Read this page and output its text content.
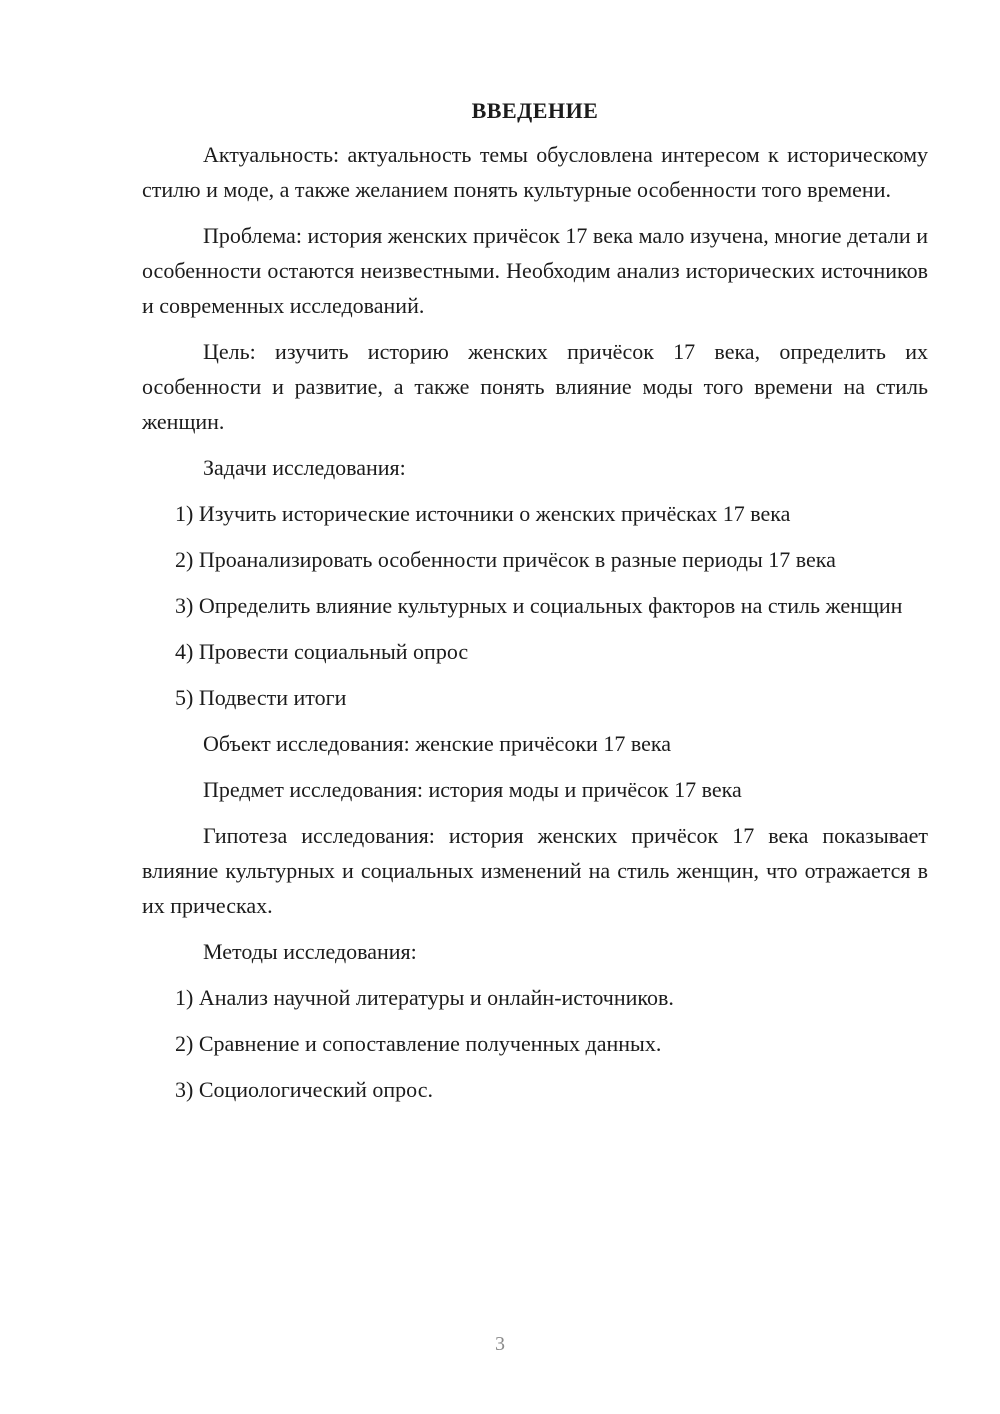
ВВЕДЕНИЕ
Актуальность: актуальность темы обусловлена интересом к историческому стилю и моде, а также желанием понять культурные особенности того времени.
Проблема: история женских причёсок 17 века мало изучена, многие детали и особенности остаются неизвестными. Необходим анализ исторических источников и современных исследований.
Цель: изучить историю женских причёсок 17 века, определить их особенности и развитие, а также понять влияние моды того времени на стиль женщин.
Задачи исследования:
1) Изучить исторические источники о женских причёсках 17 века
2) Проанализировать особенности причёсок в разные периоды 17 века
3) Определить влияние культурных и социальных факторов на стиль женщин
4) Провести социальный опрос
5) Подвести итоги
Объект исследования: женские причёсоки 17 века
Предмет исследования: история моды и причёсок 17 века
Гипотеза исследования: история женских причёсок 17 века показывает влияние культурных и социальных изменений на стиль женщин, что отражается в их прическах.
Методы исследования:
1) Анализ научной литературы и онлайн-источников.
2) Сравнение и сопоставление полученных данных.
3) Социологический опрос.
3
